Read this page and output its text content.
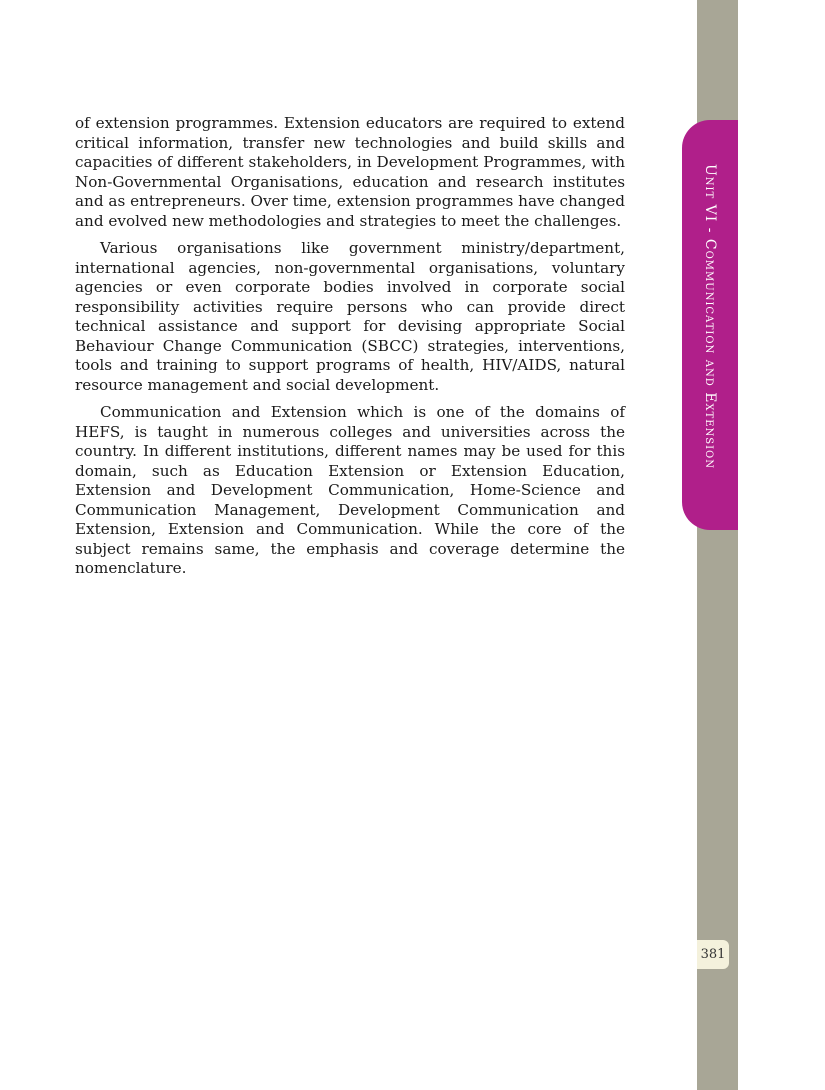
of extension programmes. Extension educators are required to extend critical information, transfer new technologies and build skills and capacities of different stakeholders, in Development Programmes, with Non-Governmental Organisations, education and research institutes and as entrepreneurs. Over time, extension programmes have changed and evolved new methodologies and strategies to meet the challenges.

Various organisations like government ministry/department, international agencies, non-governmental organisations, voluntary agencies or even corporate bodies involved in corporate social responsibility activities require persons who can provide direct technical assistance and support for devising appropriate Social Behaviour Change Communication (SBCC) strategies, interventions, tools and training to support programs of health, HIV/AIDS, natural resource management and social development.

Communication and Extension which is one of the domains of HEFS, is taught in numerous colleges and universities across the country. In different institutions, different names may be used for this domain, such as Education Extension or Extension Education, Extension and Development Communication, Home-Science and Communication Management, Development Communication and Extension, Extension and Communication. While the core of the subject remains same, the emphasis and coverage determine the nomenclature.

Unit VI - Communication and Extension
381
